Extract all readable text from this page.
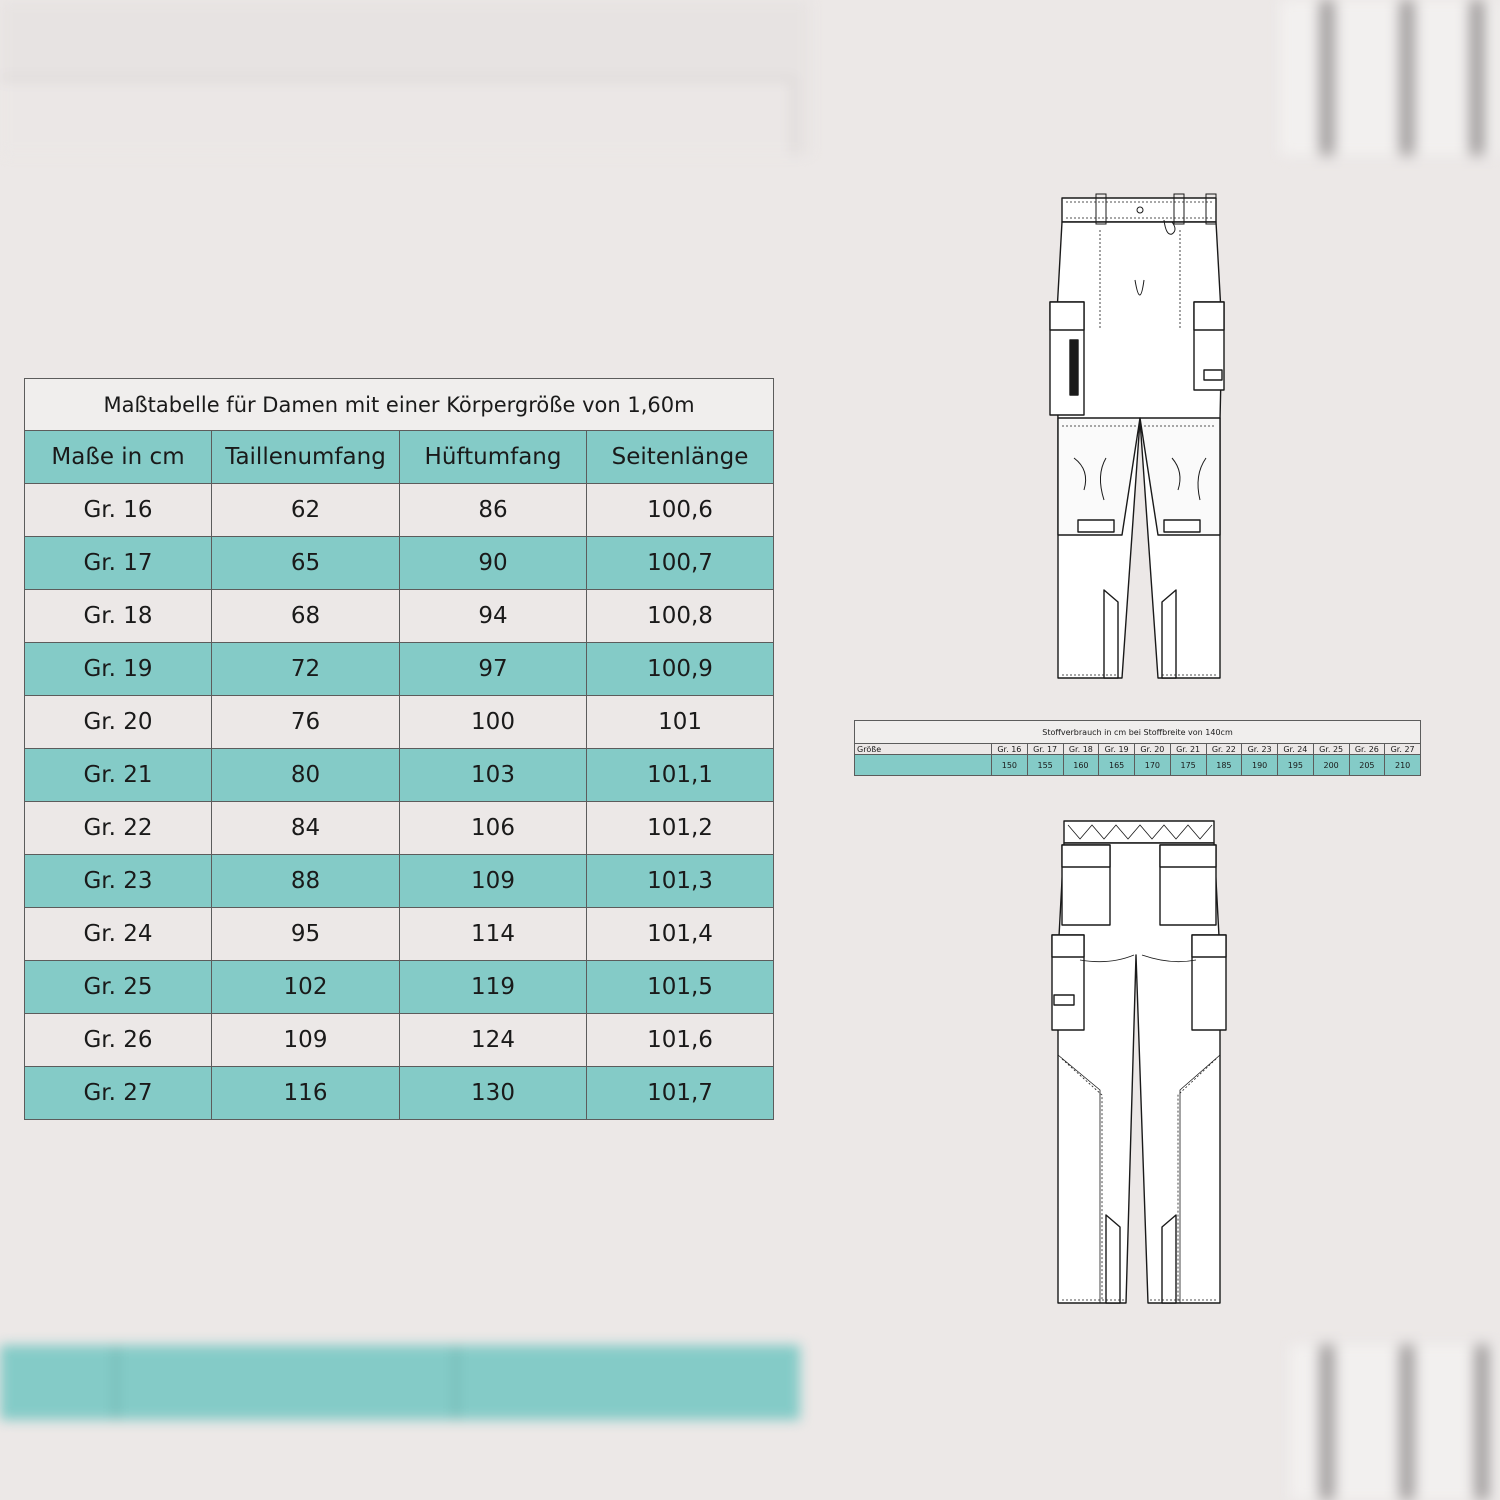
Maßtabelle für Damen mit einer Körpergröße von 1,60m			
Maße in cm	Taillenumfang	Hüftumfang	Seitenlänge
Gr. 16	62	86	100,6
Gr. 17	65	90	100,7
Gr. 18	68	94	100,8
Gr. 19	72	97	100,9
Gr. 20	76	100	101
Gr. 21	80	103	101,1
Gr. 22	84	106	101,2
Gr. 23	88	109	101,3
Gr. 24	95	114	101,4
Gr. 25	102	119	101,5
Gr. 26	109	124	101,6
Gr. 27	116	130	101,7
Stoffverbrauch in cm bei Stoffbreite von 140cm												
Größe	Gr. 16	Gr. 17	Gr. 18	Gr. 19	Gr. 20	Gr. 21	Gr. 22	Gr. 23	Gr. 24	Gr. 25	Gr. 26	Gr. 27
	150	155	160	165	170	175	185	190	195	200	205	210
